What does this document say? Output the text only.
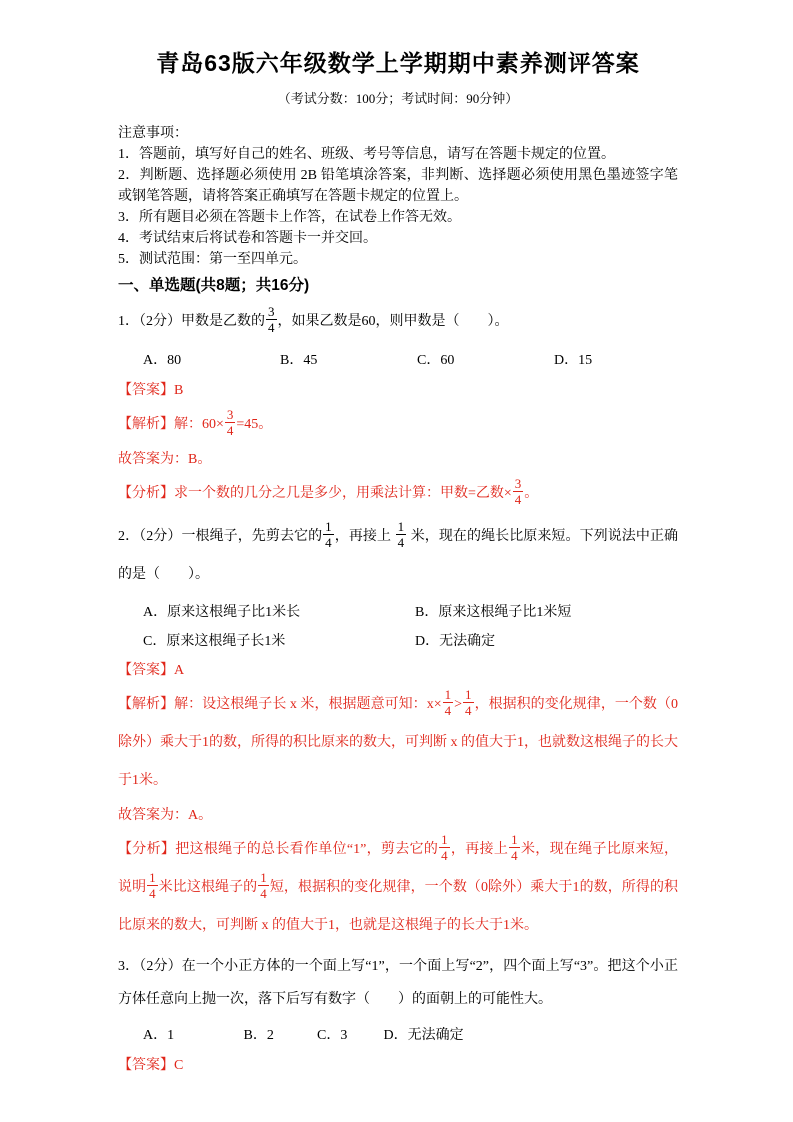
青岛63版六年级数学上学期期中素养测评答案

（考试分数：100分；考试时间：90分钟）

注意事项：

1．答题前，填写好自己的姓名、班级、考号等信息，请写在答题卡规定的位置。

2．判断题、选择题必须使用 2B 铅笔填涂答案，非判断、选择题必须使用黑色墨迹签字笔或钢笔答题，请将答案正确填写在答题卡规定的位置上。

3．所有题目必须在答题卡上作答，在试卷上作答无效。

4．考试结束后将试卷和答题卡一并交回。

5．测试范围：第一至四单元。

一、单选题(共8题；共16分)

1．（2分）甲数是乙数的 $\frac{3}{4}$ ，如果乙数是60，则甲数是（　　）。

A．80	B．45	C．60	D．15

【答案】B

【解析】解：$60\times \frac{3}{4} =45$。

故答案为：B。

【分析】求一个数的几分之几是多少，用乘法计算：甲数=乙数× $\frac{3}{4}$ 。

2．（2分）一根绳子，先剪去它的 $\frac{1}{4}$ ，再接上 $\frac{1}{4}$ 米，现在的绳长比原来短。下列说法中正确的是（　　）。

A．原来这根绳子比1米长	B．原来这根绳子比1米短
C．原来这根绳子长1米	D．无法确定

【答案】A

【解析】解：设这根绳子长 x 米，根据题意可知：$x\times \frac{1}{4} > \frac{1}{4}$ ，根据积的变化规律，一个数（0除外）乘大于1的数，所得的积比原来的数大，可判断 x 的值大于1，也就数这根绳子的长大于1米。

故答案为：A。

【分析】把这根绳子的总长看作单位“1”，剪去它的 $\frac{1}{4}$ ，再接上 $\frac{1}{4}$ 米，现在绳子比原来短，说明 $\frac{1}{4}$ 米比这根绳子的 $\frac{1}{4}$ 短，根据积的变化规律，一个数（0除外）乘大于1的数，所得的积比原来的数大，可判断 x 的值大于1，也就是这根绳子的长大于1米。

3．（2分）在一个小正方体的一个面上写“1”，一个面上写“2”，四个面上写“3”。把这个小正方体任意向上抛一次，落下后写有数字（　　）的面朝上的可能性大。

A．1	B．2	C．3	D．无法确定

【答案】C
